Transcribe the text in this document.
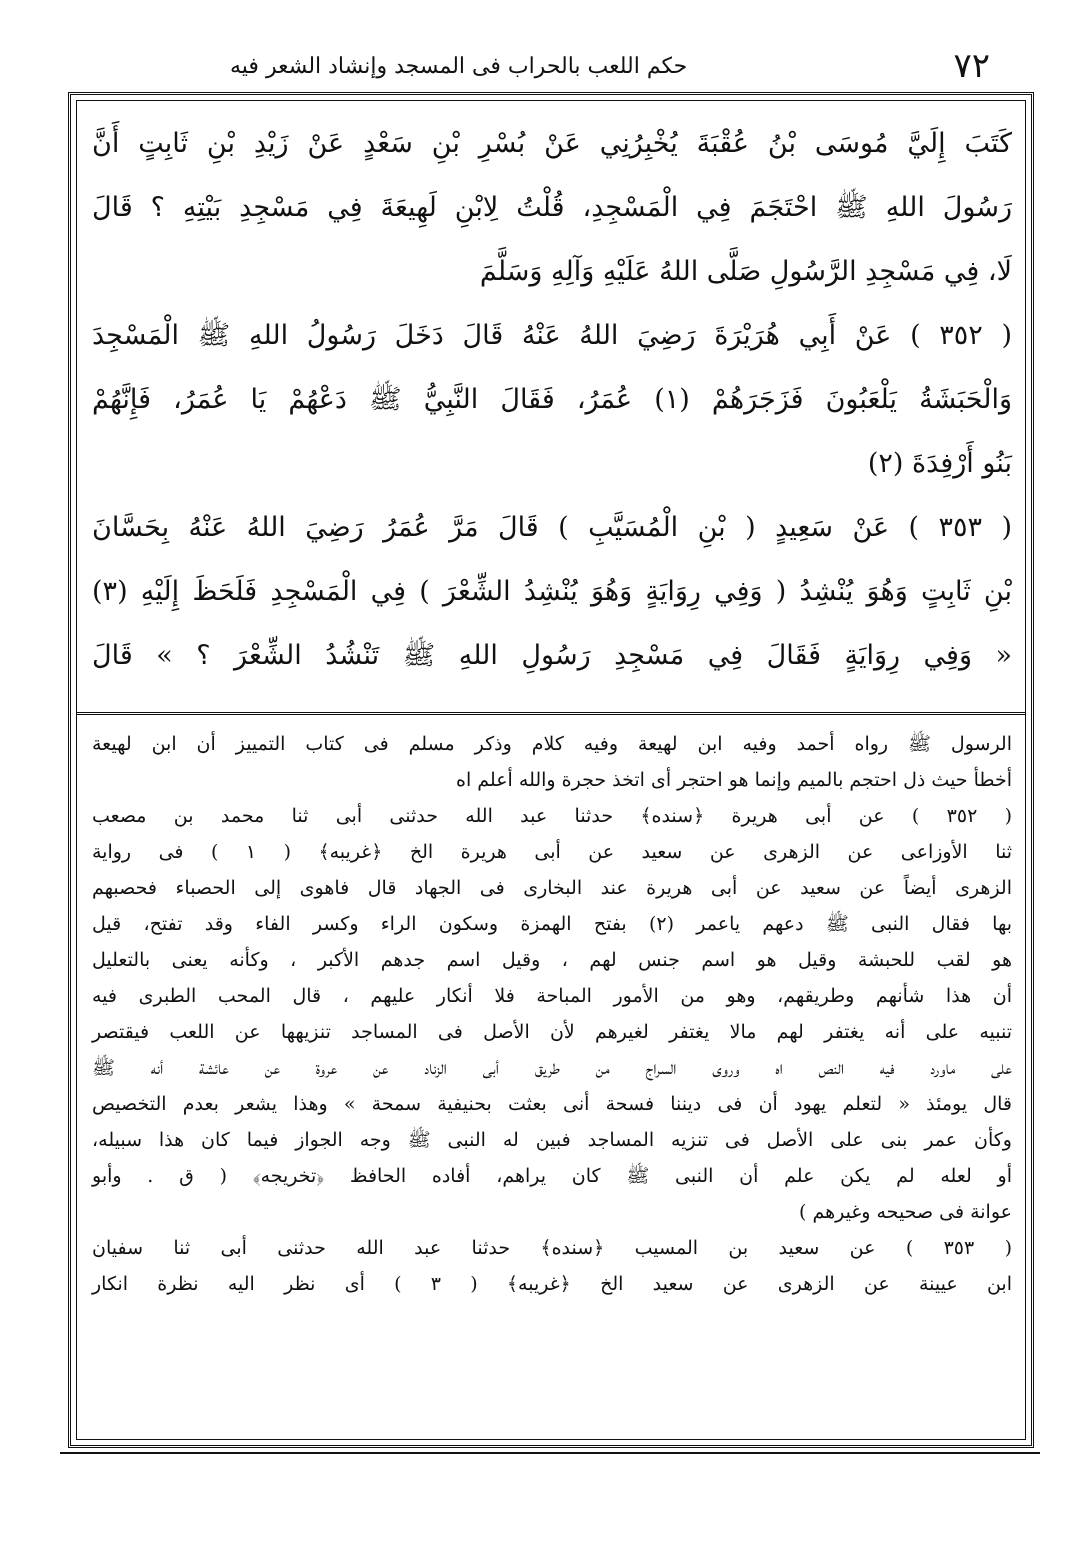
٧٢
حكم اللعب بالحراب فى المسجد وإنشاد الشعر فيه

كَتَبَ إِلَيَّ مُوسَى بْنُ عُقْبَةَ يُخْبِرُنِي عَنْ بُسْرِ بْنِ سَعْدٍ عَنْ زَيْدِ بْنِ ثَابِتٍ أَنَّ

رَسُولَ اللهِ ﷺ احْتَجَمَ فِي الْمَسْجِدِ، قُلْتُ لِابْنِ لَهِيعَةَ فِي مَسْجِدِ بَيْتِهِ ؟ قَالَ

لَا، فِي مَسْجِدِ الرَّسُولِ صَلَّى اللهُ عَلَيْهِ وَآلِهِ وَسَلَّمَ

( ٣٥٢ ) عَنْ أَبِي هُرَيْرَةَ رَضِيَ اللهُ عَنْهُ قَالَ دَخَلَ رَسُولُ اللهِ ﷺ الْمَسْجِدَ

وَالْحَبَشَةُ يَلْعَبُونَ فَزَجَرَهُمْ (١) عُمَرُ، فَقَالَ النَّبِيُّ ﷺ دَعْهُمْ يَا عُمَرُ، فَإِنَّهُمْ

بَنُو أَرْفِدَةَ (٢)

( ٣٥٣ ) عَنْ سَعِيدٍ ( بْنِ الْمُسَيَّبِ ) قَالَ مَرَّ عُمَرُ رَضِيَ اللهُ عَنْهُ بِحَسَّانَ

بْنِ ثَابِتٍ وَهُوَ يُنْشِدُ ( وَفِي رِوَايَةٍ وَهُوَ يُنْشِدُ الشِّعْرَ ) فِي الْمَسْجِدِ فَلَحَظَ إِلَيْهِ (٣)

« وَفِي رِوَايَةٍ فَقَالَ فِي مَسْجِدِ رَسُولِ اللهِ ﷺ تَنْشُدُ الشِّعْرَ ؟ » قَالَ

الرسول ﷺ رواه أحمد وفيه ابن لهيعة وفيه كلام وذكر مسلم فى كتاب التمييز أن ابن لهيعة

أخطأ حيث ذل احتجم بالميم وإنما هو احتجر أى اتخذ حجرة والله أعلم اه

( ٣٥٢ ) عن أبى هريرة ﴿سنده﴾ حدثنا عبد الله حدثنى أبى ثنا محمد بن مصعب

ثنا الأوزاعى عن الزهرى عن سعيد عن أبى هريرة الخ ﴿غريبه﴾ ( ١ ) فى رواية

الزهرى أيضاً عن سعيد عن أبى هريرة عند البخارى فى الجهاد قال فاهوى إلى الحصباء فحصبهم

بها فقال النبى ﷺ دعهم ياعمر (٢) بفتح الهمزة وسكون الراء وكسر الفاء وقد تفتح، قيل

هو لقب للحبشة وقيل هو اسم جنس لهم ، وقيل اسم جدهم الأكبر ، وكأنه يعنى بالتعليل

أن هذا شأنهم وطريقهم، وهو من الأمور المباحة فلا أنكار عليهم ، قال المحب الطبرى فيه

تنبيه على أنه يغتفر لهم مالا يغتفر لغيرهم لأن الأصل فى المساجد تنزيهها عن اللعب فيقتصر

على ماورد فيه النص اه وروى السراج من طريق أبى الزناد عن عروة عن عائشة أنه ﷺ

قال يومئذ « لتعلم يهود أن فى ديننا فسحة أنى بعثت بحنيفية سمحة » وهذا يشعر بعدم التخصيص

وكأن عمر بنى على الأصل فى تنزيه المساجد فبين له النبى ﷺ وجه الجواز فيما كان هذا سبيله،

أو لعله لم يكن علم أن النبى ﷺ كان يراهم، أفاده الحافظ ﴿تخريجه﴾ ( ق . وأبو

عوانة فى صحيحه وغيرهم )

( ٣٥٣ ) عن سعيد بن المسيب ﴿سنده﴾ حدثنا عبد الله حدثنى أبى ثنا سفيان

ابن عيينة عن الزهرى عن سعيد الخ ﴿غريبه﴾ ( ٣ ) أى نظر اليه نظرة انكار
